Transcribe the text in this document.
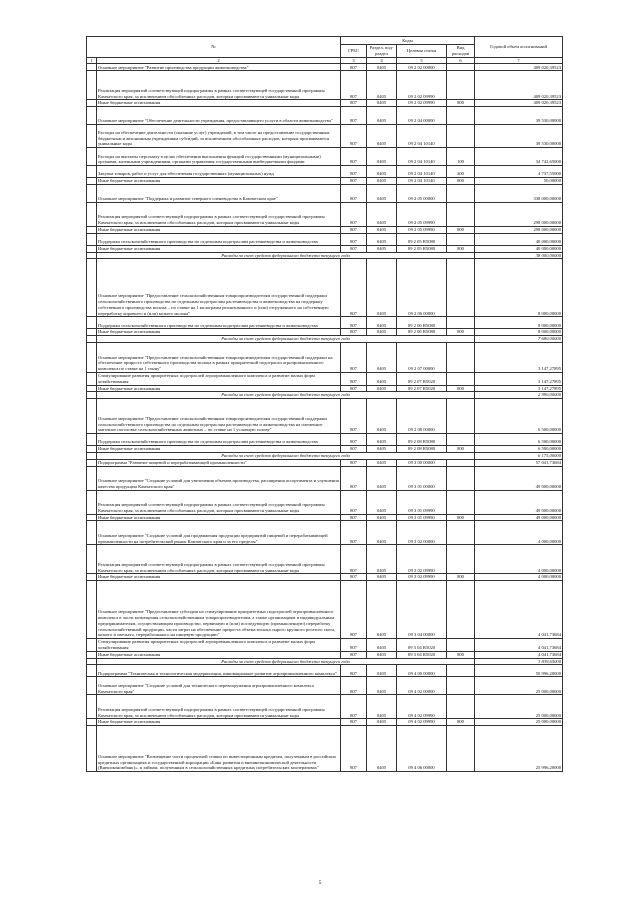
№		Коды				Годовой объем ассигнований
		ГРБС	Раздел, под-раздел	Целевая статья	Вид расходов	
1	2	3	4	5	6	7
	Основное мероприятие "Развитие производства продукции животноводства"	807	0405	09 2 02 00000		409 020,39523
	Реализация мероприятий соответствующей подпрограммы в рамках соответствующей государственной программы Камчатского края, за исключением обособленных расходов, которым присваиваются уникальные коды	807	0405	09 2 02 09990		409 020,39523
	Иные бюджетные ассигнования	807	0405	09 2 02 09990	800	409 020,39523
	Основное мероприятие "Обеспечение деятельности учреждения, предоставляющего услуги в области животноводства"	807	0405	09 2 04 00000		39 530,00000
	Расходы на обеспечение деятельности (оказание услуг) учреждений, в том числе на предоставление государственным бюджетным и автономным учреждениям субсидий, за исключением обособленных расходов, которым присваиваются уникальные коды	807	0405	09 2 04 10140		39 530,00000
	Расходы на выплаты персоналу в целях обеспечения выполнения функций государственными (муниципальными) органами, казенными учреждениями, органами управления государственными внебюджетными фондами	807	0405	09 2 04 10140	100	34 742,65000
	Закупка товаров, работ и услуг для обеспечения государственных (муниципальных) нужд	807	0405	09 2 04 10140	200	4 737,55000
	Иные бюджетные ассигнования	807	0405	09 2 04 10140	800	50,00000
	Основное мероприятие "Поддержка и развитие северного оленеводства в Камчатском крае"	807	0405	09 2 05 00000		338 000,00000
	Реализация мероприятий соответствующей подпрограммы в рамках соответствующей государственной программы Камчатского края, за исключением обособленных расходов, которым присваиваются уникальные коды	807	0405	09 2 05 09990		298 000,00000
	Иные бюджетные ассигнования	807	0405	09 2 05 09990	800	298 000,00000
	Поддержка сельскохозяйственного производства по отдельным подотраслям растениеводства и животноводства	807	0405	09 2 05 R5080		40 000,00000
	Иные бюджетные ассигнования	807	0405	09 2 05 R5080	800	40 000,00000
	Расходы за счет средств федерального бюджета текущего года					38 000,00000
	Основное мероприятие "Предоставление сельскохозяйственным товаропроизводителям государственной поддержки сельскохозяйственного производства по отдельным подотраслям растениеводства и животноводства на поддержку собственного производства молока – по ставке на 1 килограмм реализованного и (или) отгруженного на собственную переработку коровьего и (или) козьего молока"	807	0405	09 2 06 00000		8 000,00000
	Поддержка сельскохозяйственного производства по отдельным подотраслям растениеводства и животноводства	807	0405	09 2 06 R5080		8 000,00000
	Иные бюджетные ассигнования	807	0405	09 2 06 R5080	800	8 000,00000
	Расходы за счет средств федерального бюджета текущего года					7 680,00000
	Основное мероприятие "Предоставление сельскохозяйственным товаропроизводителям государственной поддержки на обеспечение прироста собственного производства молока в рамках приоритетной подотрасли агропромышленного комплекса по ставке на 1 тонну"	807	0405	09 2 07 00000		3 147,27895
	Стимулирование развития приоритетных подотраслей агропромышленного комплекса и развитие малых форм хозяйствования	807	0405	09 2 07 R5020		3 147,27895
	Иные бюджетные ассигнования	807	0405	09 2 07 R5020	800	3 147,27895
	Расходы за счет средств федерального бюджета текущего года					2 990,00000
	Основное мероприятие "Предоставление сельскохозяйственным товаропроизводителям государственной поддержки сельскохозяйственного производства по отдельным подотраслям растениеводства и животноводства на племенное маточное поголовье сельскохозяйственных животных – по ставке на 1 условную голову"	807	0405	09 2 08 00000		6 500,00000
	Поддержка сельскохозяйственного производства по отдельным подотраслям растениеводства и животноводства	807	0405	09 2 08 R5080		6 500,00000
	Иные бюджетные ассигнования	807	0405	09 2 08 R5080	800	6 500,00000
	Расходы за счет средств федерального бюджета текущего года					6 175,00000
	Подпрограмма "Развитие пищевой и перерабатывающей промышленности"	807	0405	09 3 00 00000		57 041,73684
	Основное мероприятие "Создание условий для увеличения объемов производства, расширения ассортимента и улучшения качества продукции Камчатского края"	807	0405	09 3 01 00000		49 000,00000
	Реализация мероприятий соответствующей подпрограммы в рамках соответствующей государственной программы Камчатского края, за исключением обособленных расходов, которым присваиваются уникальные коды	807	0405	09 3 01 09990		49 000,00000
	Иные бюджетные ассигнования	807	0405	09 3 01 09990	800	49 000,00000
	Основное мероприятие "Создание условий для продвижения продукции предприятий пищевой и перерабатывающей промышленности на потребительский рынок Камчатского края и за его пределы"	807	0405	09 3 02 00000		4 000,00000
	Реализация мероприятий соответствующей подпрограммы в рамках соответствующей государственной программы Камчатского края, за исключением обособленных расходов, которым присваиваются уникальные коды	807	0405	09 3 02 09990		4 000,00000
	Иные бюджетные ассигнования	807	0405	09 3 02 09990	800	4 000,00000
	Основное мероприятие "Предоставление субсидии на стимулирование приоритетных подотраслей агропромышленного комплекса в части возмещения сельскохозяйственным товаропроизводителям, а также организациям и индивидуальным предпринимателям, осуществляющим производство, первичную и (или) последующую (промышленную) переработку сельскохозяйственной продукции, части затрат на обеспечение прироста объема молока сырого крупного рогатого скота, козьего и овечьего, переработанного на пищевую продукцию"	807	0405	09 3 04 00000		4 041,73684
	Стимулирование развития приоритетных подотраслей агропромышленного комплекса и развитие малых форм хозяйствования	807	0405	09 3 04 R5020		4 041,73684
	Иные бюджетные ассигнования	807	0405	09 3 04 R5020	800	4 041,73684
	Расходы за счет средств федерального бюджета текущего года					3 839,65000
	Подпрограмма "Техническая и технологическая модернизация, инновационное развитие агропромышленного комплекса"	807	0405	09 4 00 00000		50 996,20000
	Основное мероприятие "Создание условий для технического перевооружения агропромышленного комплекса Камчатского края"	807	0405	09 4 02 00000		25 000,00000
	Реализация мероприятий соответствующей подпрограммы в рамках соответствующей государственной программы Камчатского края, за исключением обособленных расходов, которым присваиваются уникальные коды	807	0405	09 4 02 09990		25 000,00000
	Иные бюджетные ассигнования	807	0405	09 4 02 09990	800	25 000,00000
	Основное мероприятие "Возмещение части процентной ставки по инвестиционным кредитам, полученным в российских кредитных организациях и государственной корпорации «Банк развития и внешнеэкономической деятельности (Внешэкономбанк)», и займам, полученным в сельскохозяйственных кредитных потребительских кооперативах"	807	0405	09 4 06 00000		25 996,20000
5
